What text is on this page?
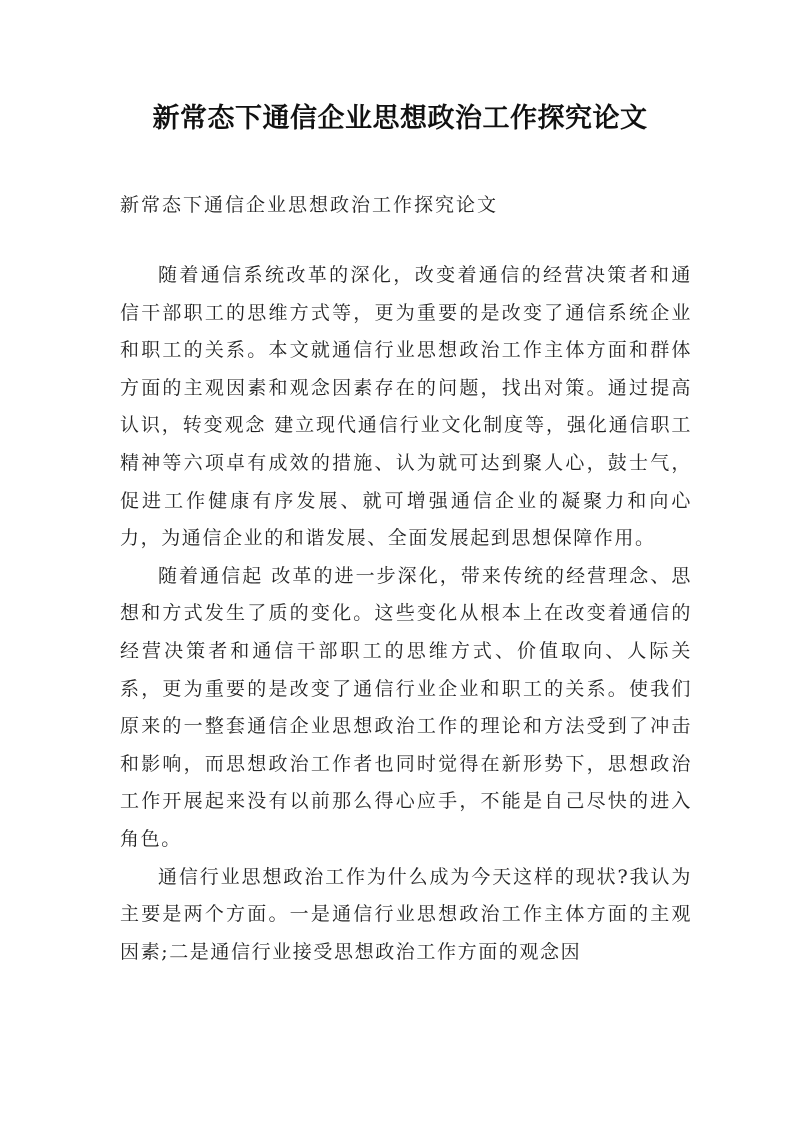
新常态下通信企业思想政治工作探究论文
新常态下通信企业思想政治工作探究论文

随着通信系统改革的深化，改变着通信的经营决策者和通信干部职工的思维方式等，更为重要的是改变了通信系统企业和职工的关系。本文就通信行业思想政治工作主体方面和群体方面的主观因素和观念因素存在的问题，找出对策。通过提高认识，转变观念 建立现代通信行业文化制度等，强化通信职工精神等六项卓有成效的措施、认为就可达到聚人心，鼓士气，促进工作健康有序发展、就可增强通信企业的凝聚力和向心力，为通信企业的和谐发展、全面发展起到思想保障作用。

随着通信起 改革的进一步深化，带来传统的经营理念、思想和方式发生了质的变化。这些变化从根本上在改变着通信的经营决策者和通信干部职工的思维方式、价值取向、人际关系，更为重要的是改变了通信行业企业和职工的关系。使我们原来的一整套通信企业思想政治工作的理论和方法受到了冲击和影响，而思想政治工作者也同时觉得在新形势下，思想政治工作开展起来没有以前那么得心应手，不能是自己尽快的进入角色。

通信行业思想政治工作为什么成为今天这样的现状?我认为主要是两个方面。一是通信行业思想政治工作主体方面的主观因素;二是通信行业接受思想政治工作方面的观念因
